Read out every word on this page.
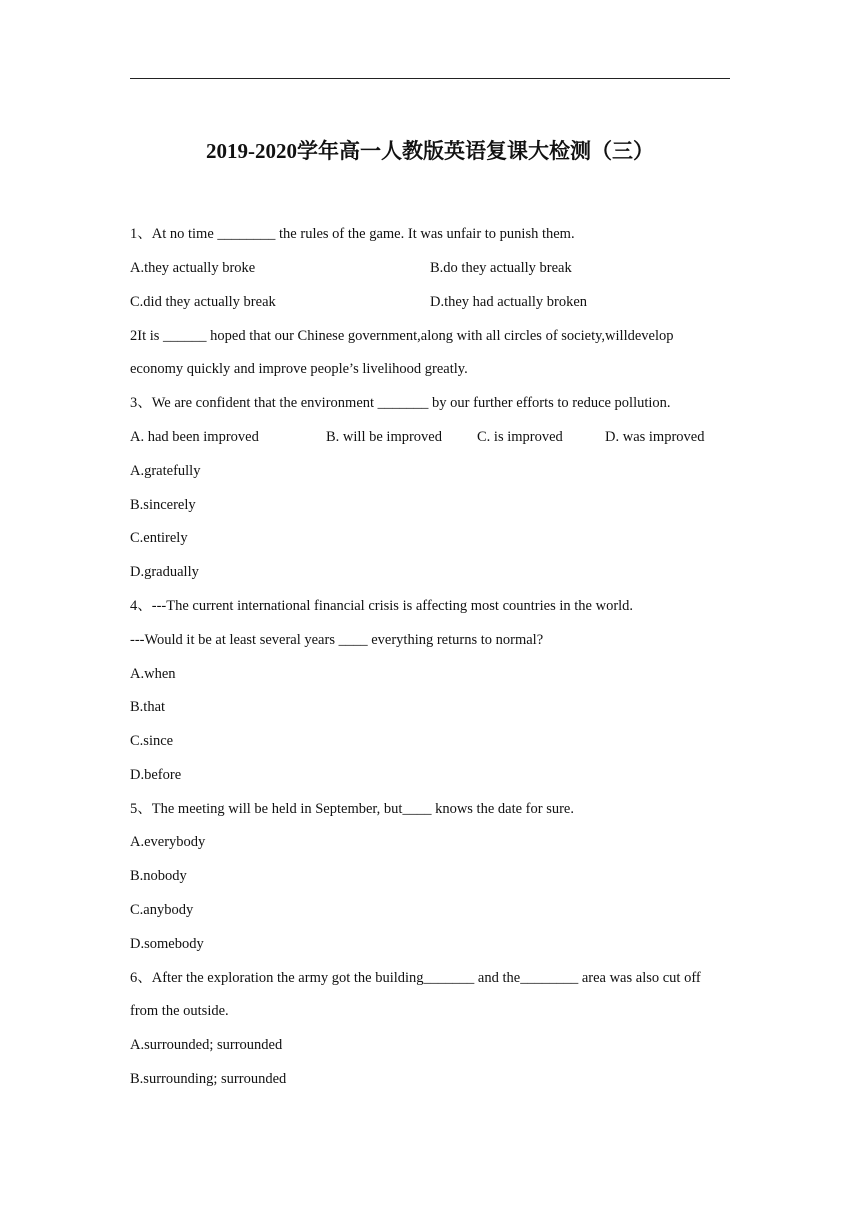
2019-2020学年高一人教版英语复课大检测（三）
1、At no time ________ the rules of the game. It was unfair to punish them.
A.they actually broke	B.do they actually break
C.did they actually break	D.they had actually broken
2It is ______ hoped that our Chinese government,along with all circles of society,willdevelop
economy quickly and improve people’s livelihood greatly.
3、We are confident that the environment _______ by our further efforts to reduce pollution.
A. had been improved	B. will be improved C. is improved	D. was improved
A.gratefully
B.sincerely
C.entirely
D.gradually
4、---The current international financial crisis is affecting most countries in the world.
---Would it be at least several years ____ everything returns to normal?
A.when
B.that
C.since
D.before
5、The meeting will be held in September, but____ knows the date for sure.
A.everybody
B.nobody
C.anybody
D.somebody
6、After the exploration the army got the building_______ and the________ area was also cut off
from the outside.
A.surrounded; surrounded
B.surrounding; surrounded
